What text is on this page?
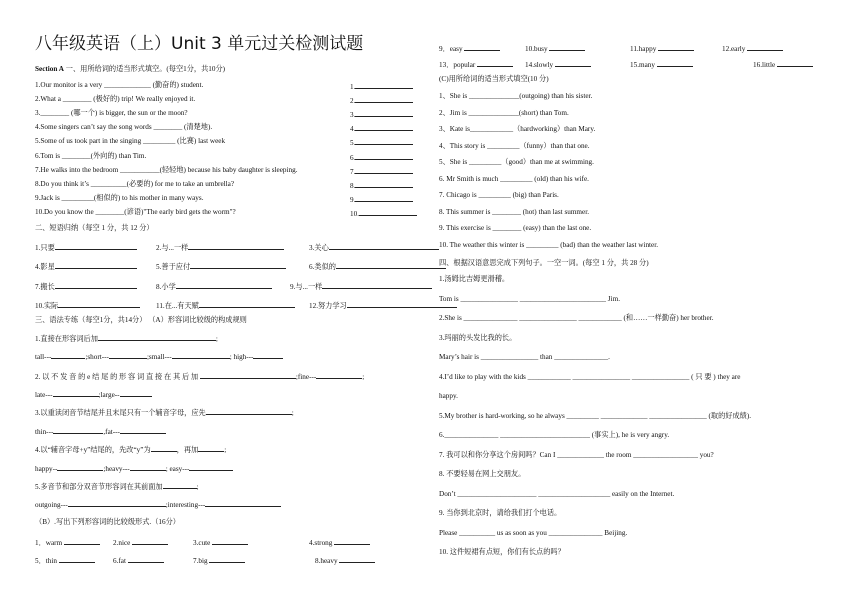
八年级英语（上）Unit 3 单元过关检测试题
Section A 一、用所给词的适当形式填空。(每空1分，共10分)
1.Our monitor is a very _____________ (勤奋的) student.	1.
2.What a ________ (极好的) trip! We really enjoyed it.	2.
3.________ (哪一个) is bigger, the sun or the moon?	3.
4.Some singers can’t say the song words ________ (清楚地).	4.
5.Some of us took part in the singing _________ (比赛) last week	5.
6.Tom is ________(外向的) than Tim.	6.
7.He walks into the bedroom ___________(轻轻地) because his baby daughter is sleeping.	7.
8.Do you think it’s __________(必要的) for me to take an umbrella?	8.
9.Jack is _________(相似的) to his mother in many ways.	9.
10.Do you know the ________(谚语)"The early bird gets the worm"?	10.
二、短语归纳（每空 1 分，共 12 分）
1.只要	2.与...一样	3.关心
4.影星	5.善于应付	6.类似的
7.搬长	8.小学	9.与...一样
10.实际	11.在...有天赋	12.努力学习
三、语法专练（每空1分，共14分） （A）形容词比较级的构成规则
1.直接在形容词后加	;
tall---	;short---	;small---	; high---
2. 以 不 发 音 的 e 结 尾 的 形 容 词 直 接 在 其 后 加	;fine---	;
late---	;large--
3.以重读闭音节结尾并且末尾只有一个辅音字母，应先	;
thin---	,fat---
4.以“辅音字母+y”结尾的，先改“y”为	，再加	;
happy--	;heavy---	; easy---
5.多音节和部分双音节形容词在其前面加	;
outgoing---	;interesting---
（B）.写出下列形容词的比较级形式.（16分）
1．warm	2.nice	3.cute	4.strong
5．thin	6.fat	7.big	8.heavy
9．easy	10.busy	11.happy	12.early
13．popular	14.slowly	15.many	16.little
(C)用所给词的适当形式填空(10 分)
1、She is ______________(outgoing) than his sister.
2、Jim is ______________(short) than Tom.
3、Kate is____________（hardworking）than Mary.
4、This story is _________（funny）than that one.
5、She is _________（good）than me at swimming.
6. Mr Smith is much _________ (old) than his wife.
7. Chicago is _________ (big) than Paris.
8. This summer is ________ (hot) than last summer.
9. This exercise is ________ (easy) than the last one.
10. The weather this winter is _________ (bad) than the weather last winter.
四、根据汉语意思完成下列句子。一空一词。(每空 1 分，共 28 分)
1.汤姆比吉姆更滑稽。
Tom is ________________ ________________________ Jim.
2.She is _______________ ________________ ____________ (和……一样勤奋) her brother.
3.玛丽的头发比我的长。
Mary’s hair is ________________ than _______________.
4.I’d like to play with the kids ____________ ________________ ________________ ( 只 要 ) they are
happy.
5.My brother is hard-working, so he always _________ _____________ ________________ (取的好成绩).
6._______________ _________________________ (事实上), he is very angry.
7. 我可以和你分享这个房间吗？Can I _____________ the room __________________ you?
8. 不要轻易在网上交朋友。
Don’t ______________________ ____________________ easily on the Internet.
9. 当你到北京时，请给我们打个电话。
Please __________ us as soon as you _______________ Beijing.
10. 这件短裙有点短，你们有长点的吗？
